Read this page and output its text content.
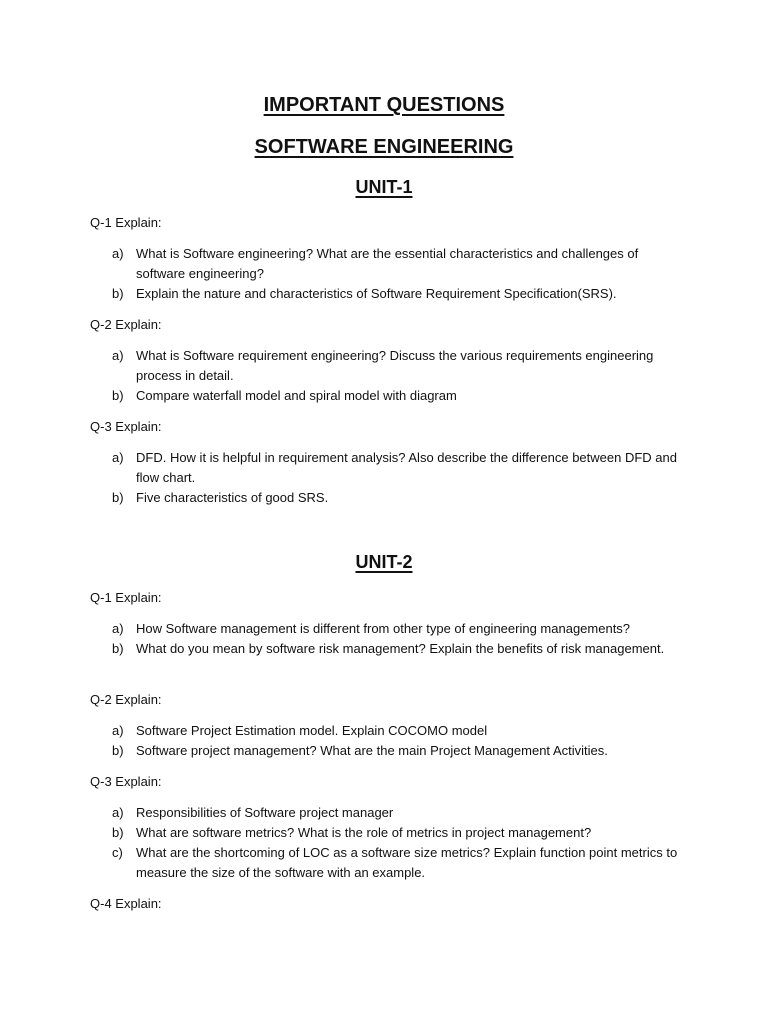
IMPORTANT QUESTIONS
SOFTWARE ENGINEERING
UNIT-1
Q-1 Explain:
a) What is Software engineering? What are the essential characteristics and challenges of software engineering?
b) Explain the nature and characteristics of Software Requirement Specification(SRS).
Q-2 Explain:
a) What is Software requirement engineering? Discuss the various requirements engineering process in detail.
b) Compare waterfall model and spiral model with diagram
Q-3 Explain:
a) DFD. How it is helpful in requirement analysis? Also describe the difference between DFD and flow chart.
b) Five characteristics of good SRS.
UNIT-2
Q-1 Explain:
a) How Software management is different from other type of engineering managements?
b) What do you mean by software risk management? Explain the benefits of risk management.
Q-2 Explain:
a) Software Project Estimation model. Explain COCOMO model
b) Software project management? What are the main Project Management Activities.
Q-3 Explain:
a) Responsibilities of Software project manager
b) What are software metrics? What is the role of metrics in project management?
c) What are the shortcoming of LOC as a software size metrics? Explain function point metrics to measure the size of the software with an example.
Q-4 Explain:
